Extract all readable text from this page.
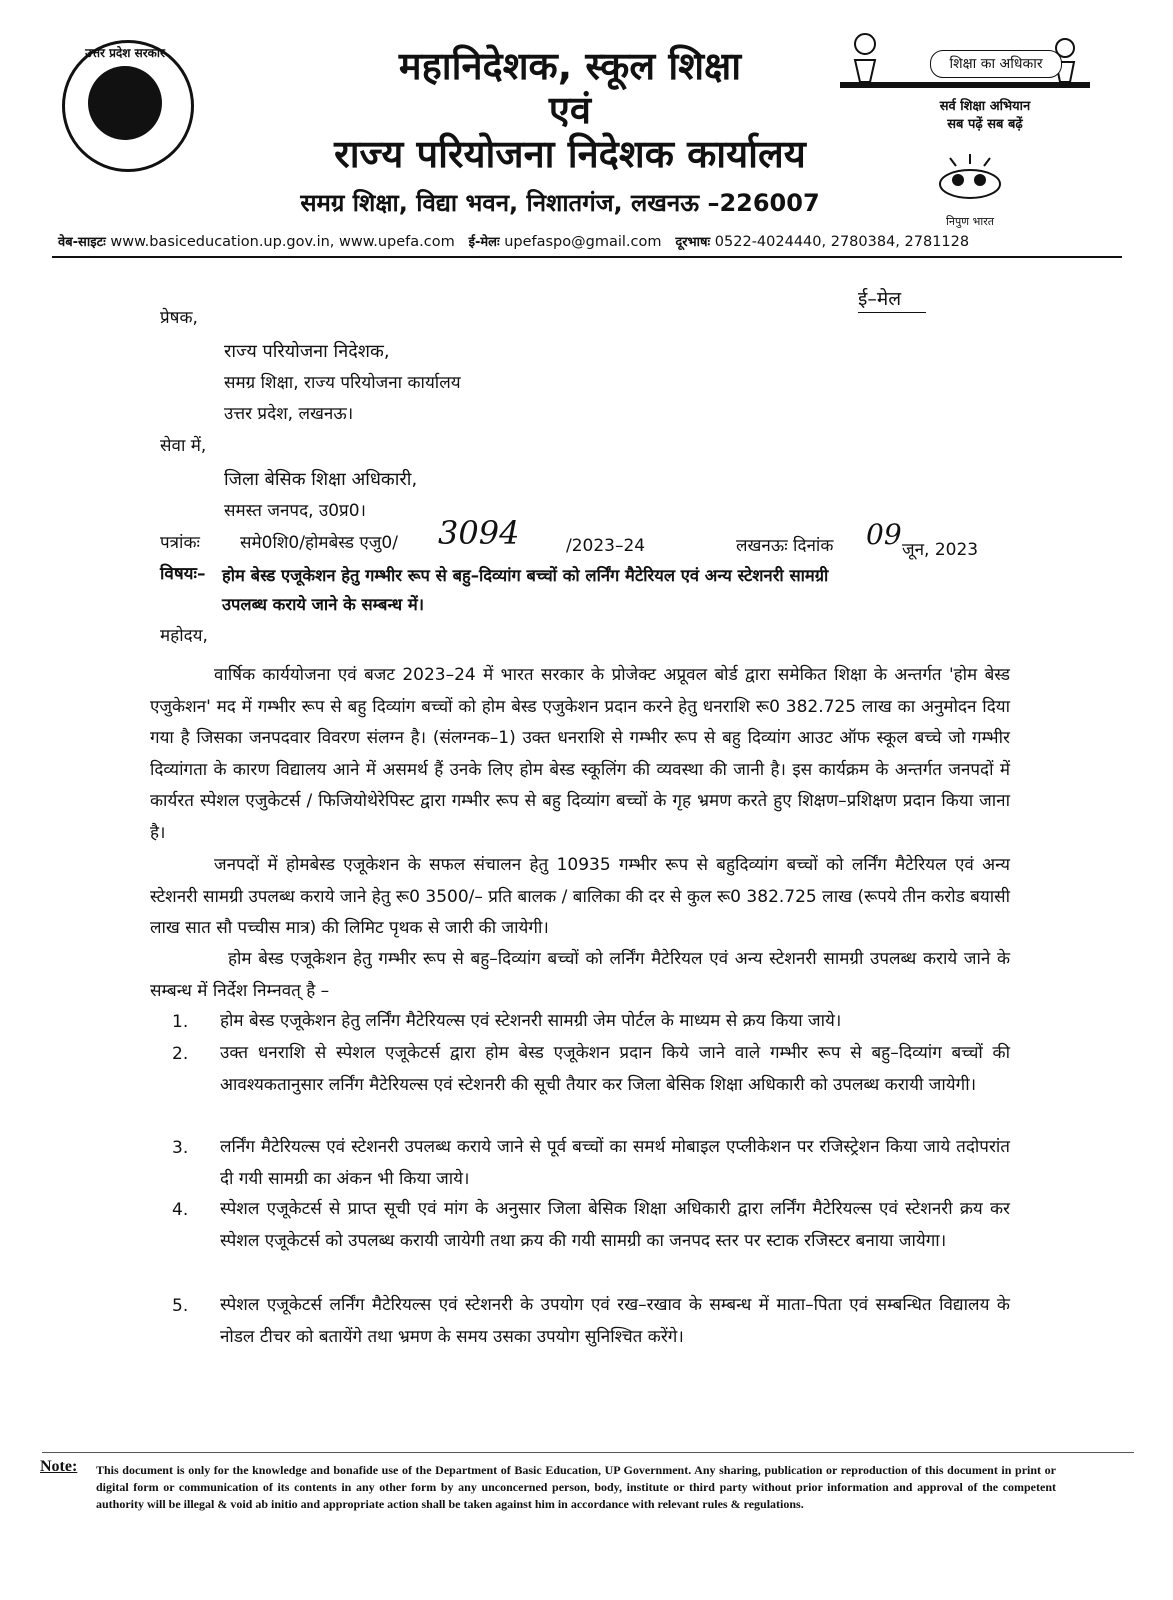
उत्तर प्रदेश सरकार	महानिदेशक, स्कूल शिक्षा
एवं
राज्य परियोजना निदेशक कार्यालय
समग्र शिक्षा, विद्या भवन, निशातगंज, लखनऊ –226007
शिक्षा का अधिकार
सर्व शिक्षा अभियान
सब पढ़ें सब बढ़ें
निपुण भारत
वेब-साइटः www.basiceducation.up.gov.in, www.upefa.com ई-मेलः upefaspo@gmail.com दूरभाषः 0522-4024440, 2780384, 2781128
ई–मेल
प्रेषक,
राज्य परियोजना निदेशक,
समग्र शिक्षा, राज्य परियोजना कार्यालय
उत्तर प्रदेश, लखनऊ।
सेवा में,
जिला बेसिक शिक्षा अधिकारी,
समस्त जनपद, उ0प्र0।
पत्रांकः समे0शि0/होमबेस्ड एजु0/ 3094	/2023–24	लखनऊः दिनांक 09 जून, 2023
विषयः– होम बेस्ड एजूकेशन हेतु गम्भीर रूप से बहु–दिव्यांग बच्चों को लर्निंग मैटेरियल एवं अन्य स्टेशनरी सामग्री
उपलब्ध कराये जाने के सम्बन्ध में।
महोदय,
वार्षिक कार्ययोजना एवं बजट 2023–24 में भारत सरकार के प्रोजेक्ट अप्रूवल बोर्ड द्वारा समेकित शिक्षा के अन्तर्गत 'होम बेस्ड एजुकेशन' मद में गम्भीर रूप से बहु दिव्यांग बच्चों को होम बेस्ड एजुकेशन प्रदान करने हेतु धनराशि रू0 382.725 लाख का अनुमोदन दिया गया है जिसका जनपदवार विवरण संलग्न है। (संलग्नक–1) उक्त धनराशि से गम्भीर रूप से बहु दिव्यांग आउट ऑफ स्कूल बच्चे जो गम्भीर दिव्यांगता के कारण विद्यालय आने में असमर्थ हैं उनके लिए होम बेस्ड स्कूलिंग की व्यवस्था की जानी है। इस कार्यक्रम के अन्तर्गत जनपदों में कार्यरत स्पेशल एजुकेटर्स / फिजियोथेरेपिस्ट द्वारा गम्भीर रूप से बहु दिव्यांग बच्चों के गृह भ्रमण करते हुए शिक्षण–प्रशिक्षण प्रदान किया जाना है।
जनपदों में होमबेस्ड एजूकेशन के सफल संचालन हेतु 10935 गम्भीर रूप से बहुदिव्यांग बच्चों को लर्निंग मैटेरियल एवं अन्य स्टेशनरी सामग्री उपलब्ध कराये जाने हेतु रू0 3500/– प्रति बालक / बालिका की दर से कुल रू0 382.725 लाख (रूपये तीन करोड बयासी लाख सात सौ पच्चीस मात्र) की लिमिट पृथक से जारी की जायेगी।
होम बेस्ड एजूकेशन हेतु गम्भीर रूप से बहु–दिव्यांग बच्चों को लर्निंग मैटेरियल एवं अन्य स्टेशनरी सामग्री उपलब्ध कराये जाने के सम्बन्ध में निर्देश निम्नवत् है –
1. होम बेस्ड एजूकेशन हेतु लर्निंग मैटेरियल्स एवं स्टेशनरी सामग्री जेम पोर्टल के माध्यम से क्रय किया जाये।
2. उक्त धनराशि से स्पेशल एजूकेटर्स द्वारा होम बेस्ड एजूकेशन प्रदान किये जाने वाले गम्भीर रूप से बहु–दिव्यांग बच्चों की आवश्यकतानुसार लर्निंग मैटेरियल्स एवं स्टेशनरी की सूची तैयार कर जिला बेसिक शिक्षा अधिकारी को उपलब्ध करायी जायेगी।
3. लर्निंग मैटेरियल्स एवं स्टेशनरी उपलब्ध कराये जाने से पूर्व बच्चों का समर्थ मोबाइल एप्लीकेशन पर रजिस्ट्रेशन किया जाये तदोपरांत दी गयी सामग्री का अंकन भी किया जाये।
4. स्पेशल एजूकेटर्स से प्राप्त सूची एवं मांग के अनुसार जिला बेसिक शिक्षा अधिकारी द्वारा लर्निंग मैटेरियल्स एवं स्टेशनरी क्रय कर स्पेशल एजूकेटर्स को उपलब्ध करायी जायेगी तथा क्रय की गयी सामग्री का जनपद स्तर पर स्टाक रजिस्टर बनाया जायेगा।
5. स्पेशल एजूकेटर्स लर्निंग मैटेरियल्स एवं स्टेशनरी के उपयोग एवं रख–रखाव के सम्बन्ध में माता–पिता एवं सम्बन्धित विद्यालय के नोडल टीचर को बतायेंगे तथा भ्रमण के समय उसका उपयोग सुनिश्चित करेंगे।
Note: This document is only for the knowledge and bonafide use of the Department of Basic Education, UP Government. Any sharing, publication or reproduction of this document in print or digital form or communication of its contents in any other form by any unconcerned person, body, institute or third party without prior information and approval of the competent authority will be illegal & void ab initio and appropriate action shall be taken against him in accordance with relevant rules & regulations.
